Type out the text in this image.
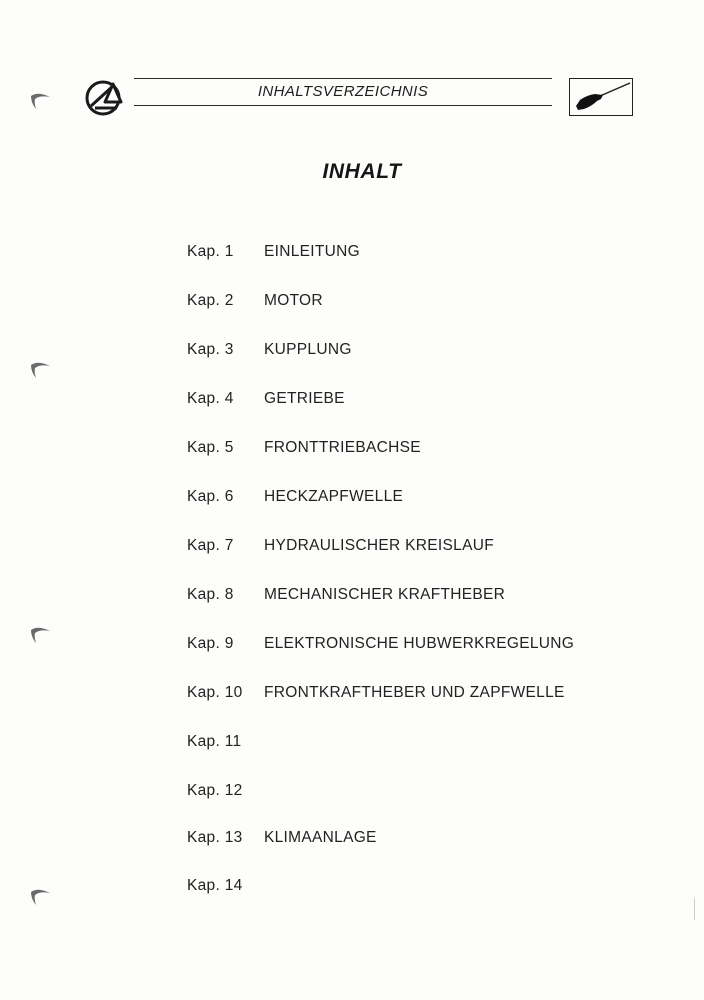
INHALTSVERZEICHNIS
INHALT
Kap. 1 EINLEITUNG
Kap. 2 MOTOR
Kap. 3 KUPPLUNG
Kap. 4 GETRIEBE
Kap. 5 FRONTTRIEBACHSE
Kap. 6 HECKZAPFWELLE
Kap. 7 HYDRAULISCHER KREISLAUF
Kap. 8 MECHANISCHER KRAFTHEBER
Kap. 9 ELEKTRONISCHE HUBWERKREGELUNG
Kap. 10 FRONTKRAFTHEBER UND ZAPFWELLE
Kap. 11
Kap. 12
Kap. 13 KLIMAANLAGE
Kap. 14
